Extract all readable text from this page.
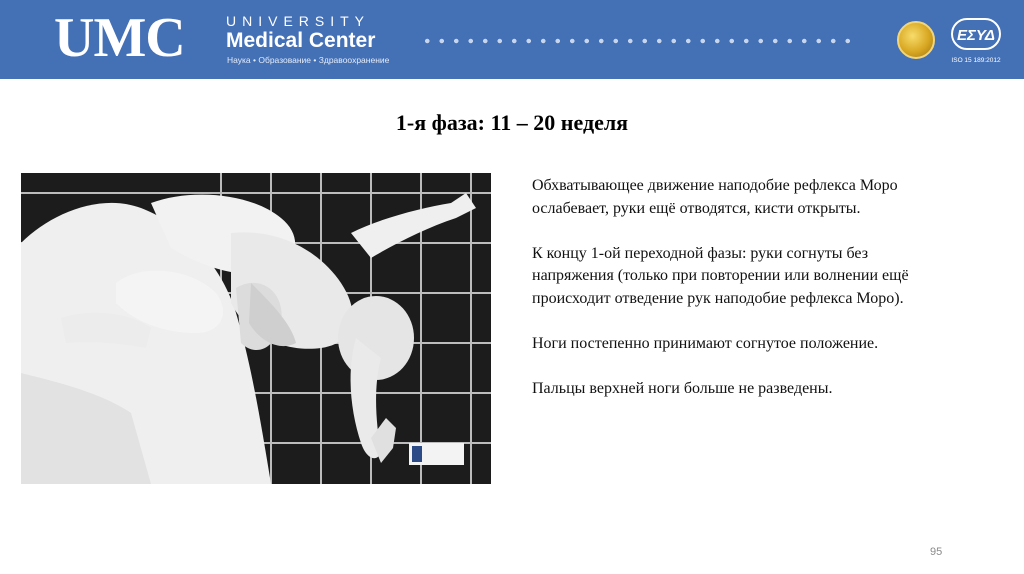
UMC	UNIVERSITY
Medical Center
Наука • Образование • Здравоохранение
ΕΣΥΔ
ISO 15 189:2012
1-я фаза: 11 – 20 неделя

Обхватывающее движение наподобие рефлекса Моро ослабевает, руки ещё отводятся, кисти открыты.

К концу 1-ой переходной фазы: руки согнуты без напряжения (только при повторении или волнении ещё происходит отведение рук наподобие рефлекса Моро).

Ноги постепенно принимают согнутое положение.

Пальцы верхней ноги больше не разведены.

95
